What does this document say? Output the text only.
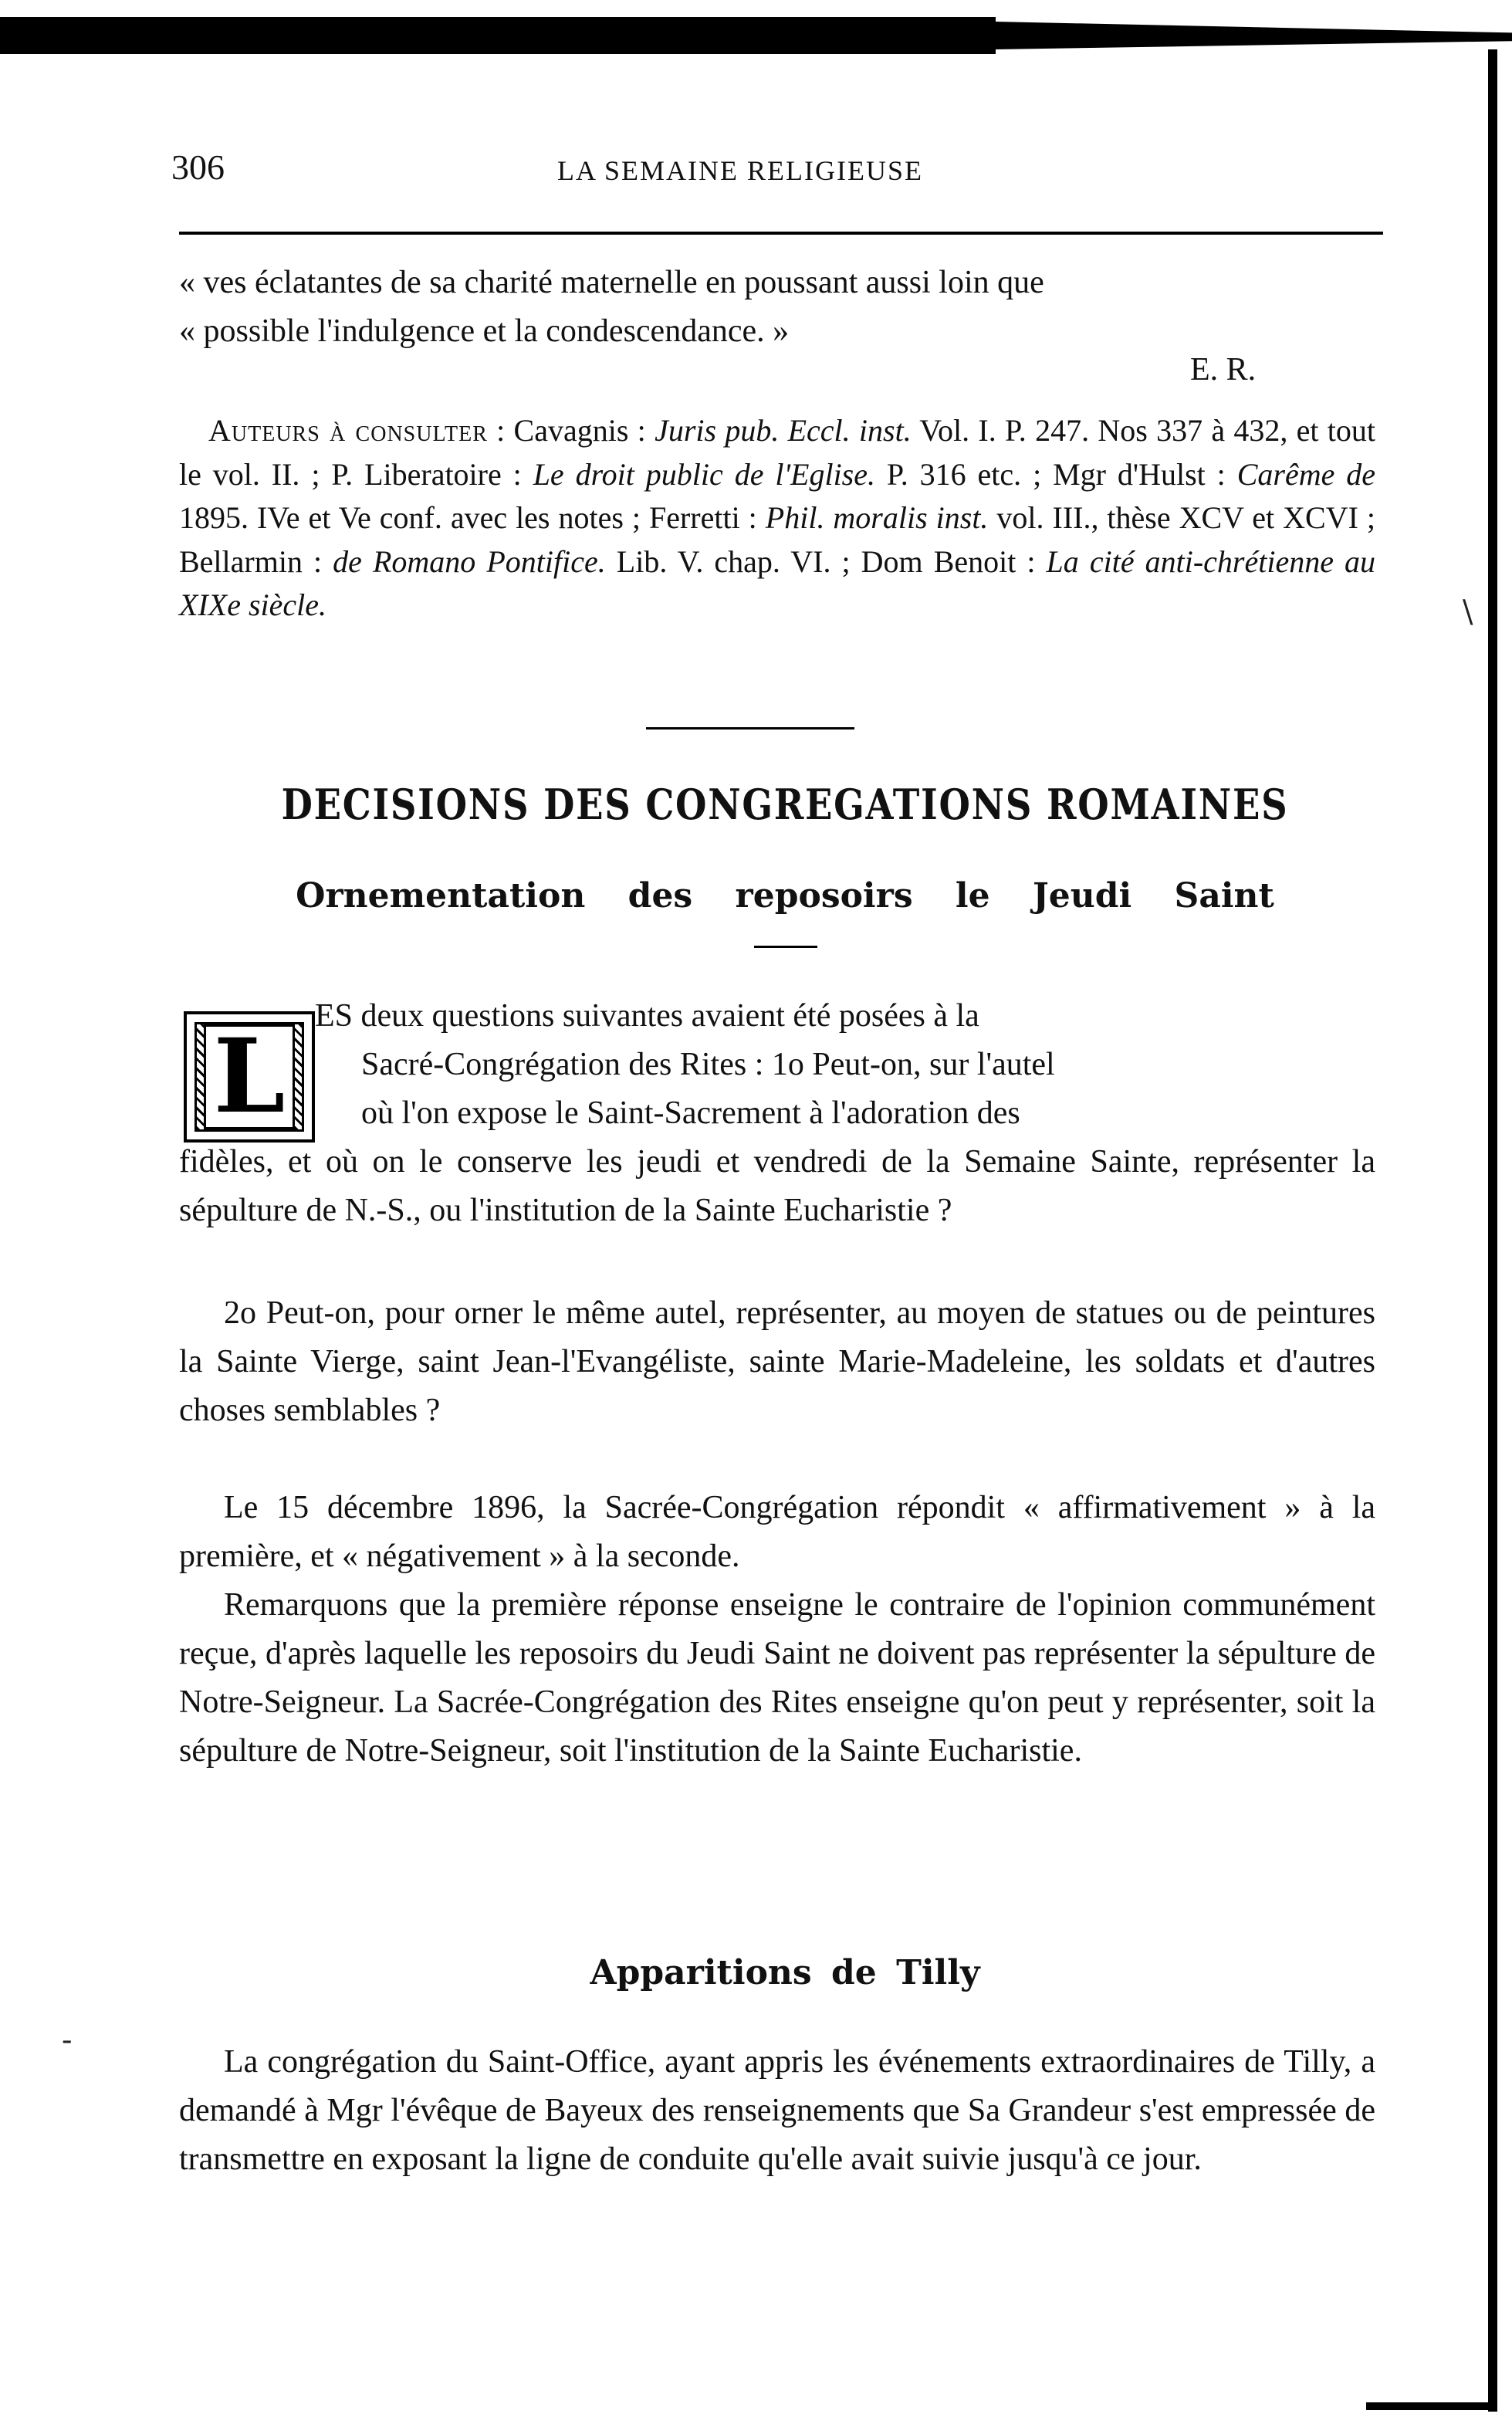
\
-
306	LA SEMAINE RELIGIEUSE
« ves éclatantes de sa charité maternelle en poussant aussi loin que
« possible l'indulgence et la condescendance. »
E. R.

Auteurs à consulter : Cavagnis : Juris pub. Eccl. inst. Vol. I. P. 247. Nos 337 à 432, et tout le vol. II. ; P. Liberatoire : Le droit public de l'Eglise. P. 316 etc. ; Mgr d'Hulst : Carême de 1895. IVe et Ve conf. avec les notes ; Ferretti : Phil. moralis inst. vol. III., thèse XCV et XCVI ; Bellarmin : de Romano Pontifice. Lib. V. chap. VI. ; Dom Benoit : La cité anti-chrétienne au XIXe siècle.

DECISIONS DES CONGREGATIONS ROMAINES
Ornementation des reposoirs le Jeudi Saint
L

ES deux questions suivantes avaient été posées à la

Sacré-Congrégation des Rites : 1o Peut-on, sur l'autel

où l'on expose le Saint-Sacrement à l'adoration des

fidèles, et où on le conserve les jeudi et vendredi de la Semaine Sainte, représenter la sépulture de N.-S., ou l'institution de la Sainte Eucharistie ?

2o Peut-on, pour orner le même autel, représenter, au moyen de statues ou de peintures la Sainte Vierge, saint Jean-l'Evangéliste, sainte Marie-Madeleine, les soldats et d'autres choses semblables ?

Le 15 décembre 1896, la Sacrée-Congrégation répondit « affirmativement » à la première, et « négativement » à la seconde.

Remarquons que la première réponse enseigne le contraire de l'opinion communément reçue, d'après laquelle les reposoirs du Jeudi Saint ne doivent pas représenter la sépulture de Notre-Seigneur. La Sacrée-Congrégation des Rites enseigne qu'on peut y représenter, soit la sépulture de Notre-Seigneur, soit l'institution de la Sainte Eucharistie.

Apparitions de Tilly

La congrégation du Saint-Office, ayant appris les événements extraordinaires de Tilly, a demandé à Mgr l'évêque de Bayeux des renseignements que Sa Grandeur s'est empressée de transmettre en exposant la ligne de conduite qu'elle avait suivie jusqu'à ce jour.
